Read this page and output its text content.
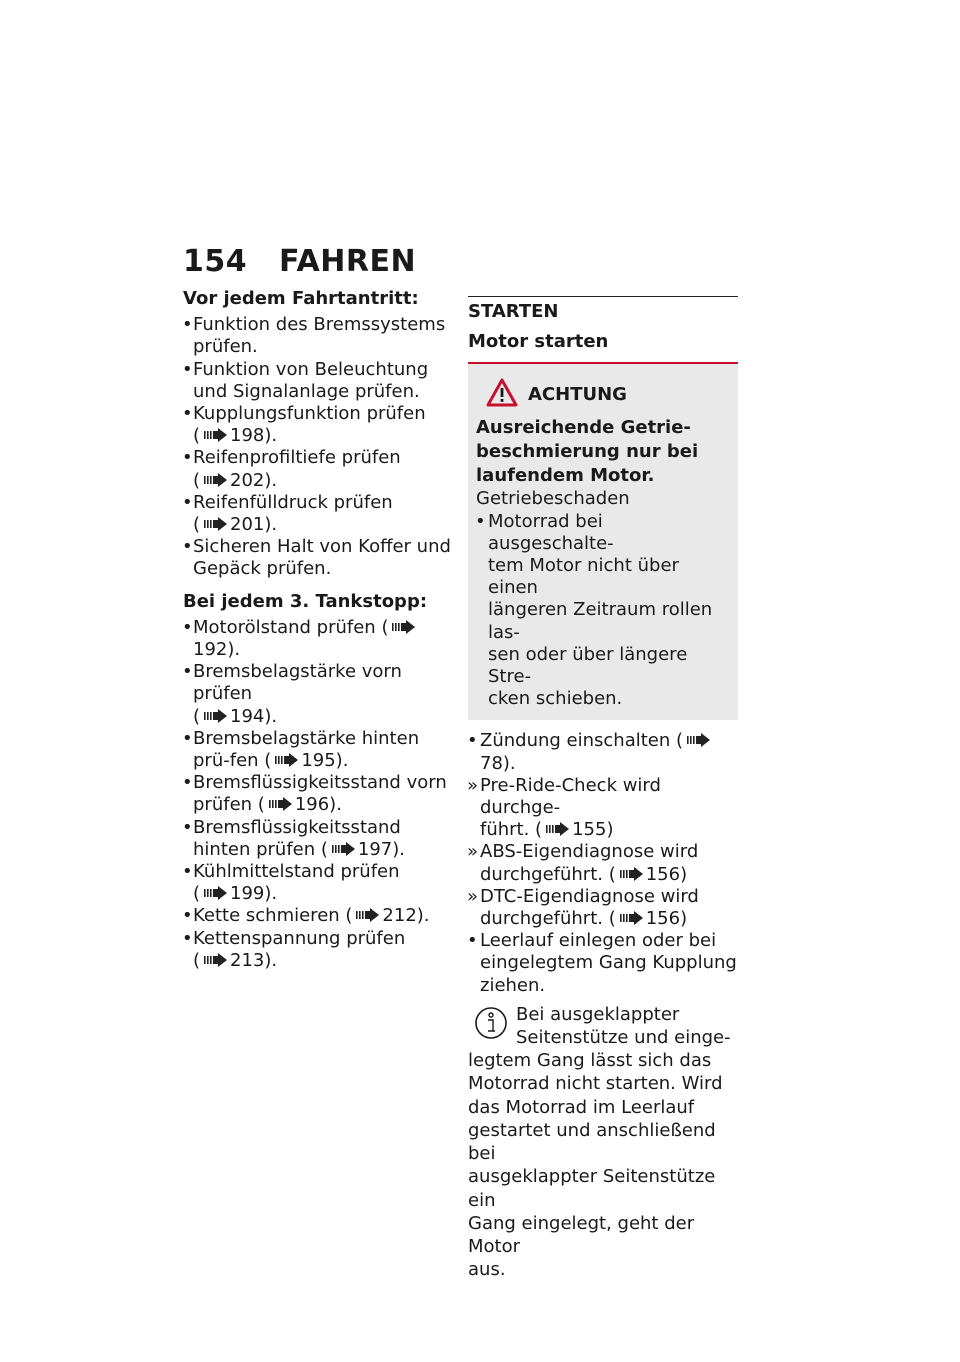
154 FAHREN
Vor jedem Fahrtantritt:
• Funktion des Bremssystems prüfen.
• Funktion von Beleuchtung und Signalanlage prüfen.
• Kupplungsfunktion prüfen
( 198).
• Reifenprofiltiefe prüfen
( 202).
• Reifenfülldruck prüfen
( 201).
• Sicheren Halt von Koffer und Gepäck prüfen.
Bei jedem 3. Tankstopp:
• Motorölstand prüfen (192).
• Bremsbelagstärke vorn prüfen
( 194).
• Bremsbelagstärke hinten prü-fen ( 195).
• Bremsflüssigkeitsstand vorn prüfen ( 196).
• Bremsflüssigkeitsstand hinten prüfen ( 197).
• Kühlmittelstand prüfen
( 199).
• Kette schmieren ( 212).
• Kettenspannung prüfen
( 213).
STARTEN
Motor starten
ACHTUNG
Ausreichende Getrie-
beschmierung nur bei
laufendem Motor.
Getriebeschaden
• Motorrad bei ausgeschalte-
tem Motor nicht über einen
längeren Zeitraum rollen las-
sen oder über längere Stre-
cken schieben.
• Zündung einschalten (78).
» Pre-Ride-Check wird durchge-
führt. ( 155)
» ABS-Eigendiagnose wird
durchgeführt. ( 156)
» DTC-Eigendiagnose wird
durchgeführt. ( 156)
• Leerlauf einlegen oder bei
eingelegtem Gang Kupplung
ziehen.
Bei ausgeklappter
Seitenstütze und einge-
legtem Gang lässt sich das
Motorrad nicht starten. Wird
das Motorrad im Leerlauf
gestartet und anschließend bei
ausgeklappter Seitenstütze ein
Gang eingelegt, geht der Motor
aus.
